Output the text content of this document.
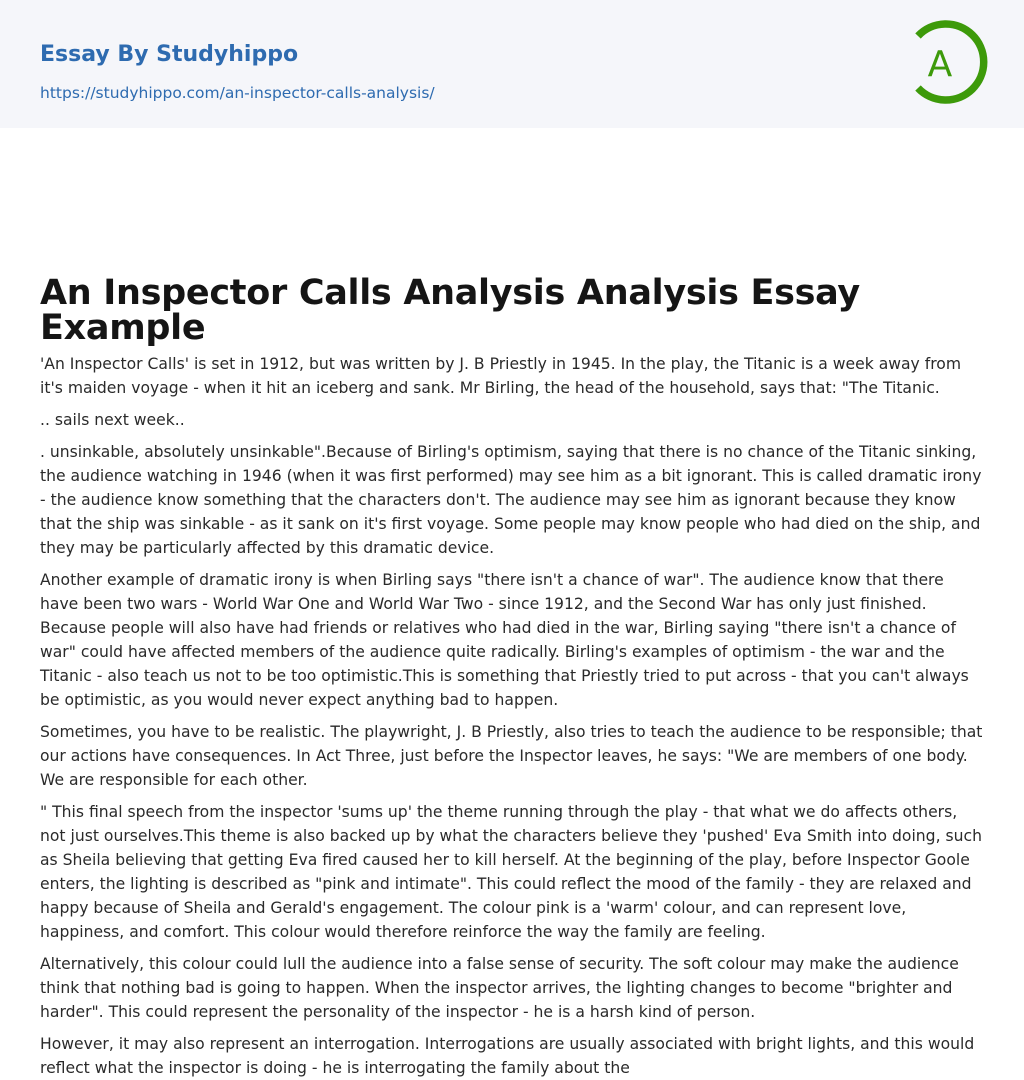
Essay By Studyhippo
https://studyhippo.com/an-inspector-calls-analysis/
A
An Inspector Calls Analysis Analysis Essay Example

'An Inspector Calls' is set in 1912, but was written by J. B Priestly in 1945. In the play, the Titanic is a week away from it's maiden voyage - when it hit an iceberg and sank. Mr Birling, the head of the household, says that: "The Titanic.

.. sails next week..

. unsinkable, absolutely unsinkable".Because of Birling's optimism, saying that there is no chance of the Titanic sinking, the audience watching in 1946 (when it was first performed) may see him as a bit ignorant. This is called dramatic irony - the audience know something that the characters don't. The audience may see him as ignorant because they know that the ship was sinkable - as it sank on it's first voyage. Some people may know people who had died on the ship, and they may be particularly affected by this dramatic device.

Another example of dramatic irony is when Birling says "there isn't a chance of war". The audience know that there have been two wars - World War One and World War Two - since 1912, and the Second War has only just finished. Because people will also have had friends or relatives who had died in the war, Birling saying "there isn't a chance of war" could have affected members of the audience quite radically. Birling's examples of optimism - the war and the Titanic - also teach us not to be too optimistic.This is something that Priestly tried to put across - that you can't always be optimistic, as you would never expect anything bad to happen.

Sometimes, you have to be realistic. The playwright, J. B Priestly, also tries to teach the audience to be responsible; that our actions have consequences. In Act Three, just before the Inspector leaves, he says: "We are members of one body. We are responsible for each other.

" This final speech from the inspector 'sums up' the theme running through the play - that what we do affects others, not just ourselves.This theme is also backed up by what the characters believe they 'pushed' Eva Smith into doing, such as Sheila believing that getting Eva fired caused her to kill herself. At the beginning of the play, before Inspector Goole enters, the lighting is described as "pink and intimate". This could reflect the mood of the family - they are relaxed and happy because of Sheila and Gerald's engagement. The colour pink is a 'warm' colour, and can represent love, happiness, and comfort. This colour would therefore reinforce the way the family are feeling.

Alternatively, this colour could lull the audience into a false sense of security. The soft colour may make the audience think that nothing bad is going to happen. When the inspector arrives, the lighting changes to become "brighter and harder". This could represent the personality of the inspector - he is a harsh kind of person.

However, it may also represent an interrogation. Interrogations are usually associated with bright lights, and this would reflect what the inspector is doing - he is interrogating the family about the
